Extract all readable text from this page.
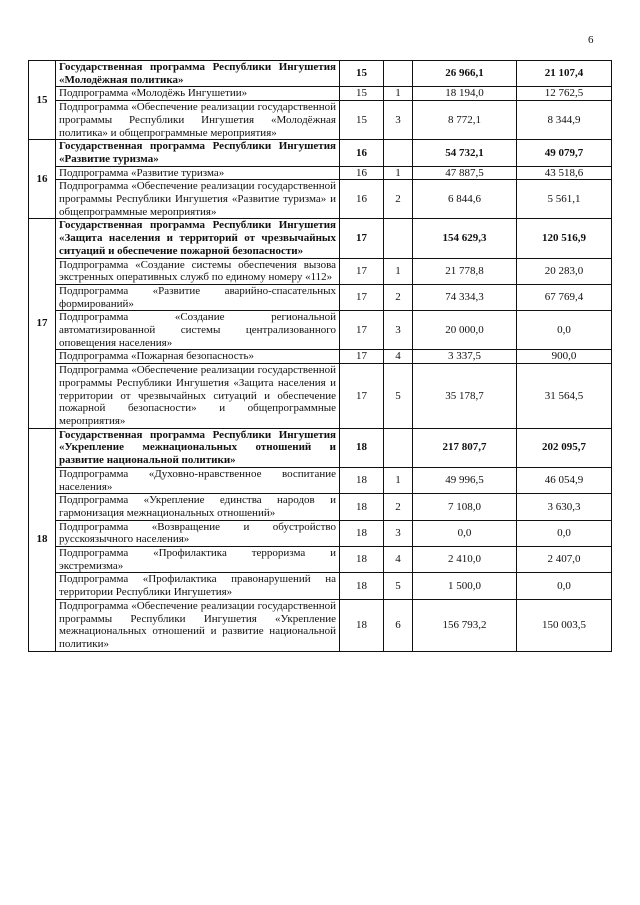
6
15	Государственная программа Республики Ингушетия «Молодёжная политика»	15		26 966,1	21 107,4
	Подпрограмма «Молодёжь Ингушетии»	15	1	18 194,0	12 762,5
	Подпрограмма «Обеспечение реализации государственной программы Республики Ингушетия «Молодёжная политика» и общепрограммные мероприятия»	15	3	8 772,1	8 344,9
16	Государственная программа Республики Ингушетия «Развитие туризма»	16		54 732,1	49 079,7
	Подпрограмма «Развитие туризма»	16	1	47 887,5	43 518,6
	Подпрограмма «Обеспечение реализации государственной программы Республики Ингушетия «Развитие туризма» и общепрограммные мероприятия»	16	2	6 844,6	5 561,1
17	Государственная программа Республики Ингушетия «Защита населения и территорий от чрезвычайных ситуаций и обеспечение пожарной безопасности»	17		154 629,3	120 516,9
	Подпрограмма «Создание системы обеспечения вызова экстренных оперативных служб по единому номеру «112»	17	1	21 778,8	20 283,0
	Подпрограмма «Развитие аварийно-спасательных формирований»	17	2	74 334,3	67 769,4
	Подпрограмма «Создание региональной автоматизированной системы централизованного оповещения населения»	17	3	20 000,0	0,0
	Подпрограмма «Пожарная безопасность»	17	4	3 337,5	900,0
	Подпрограмма «Обеспечение реализации государственной программы Республики Ингушетия «Защита населения и территории от чрезвычайных ситуаций и обеспечение пожарной безопасности» и общепрограммные мероприятия»	17	5	35 178,7	31 564,5
18	Государственная программа Республики Ингушетия «Укрепление межнациональных отношений и развитие национальной политики»	18		217 807,7	202 095,7
	Подпрограмма «Духовно-нравственное воспитание населения»	18	1	49 996,5	46 054,9
	Подпрограмма «Укрепление единства народов и гармонизация межнациональных отношений»	18	2	7 108,0	3 630,3
	Подпрограмма «Возвращение и обустройство русскоязычного населения»	18	3	0,0	0,0
	Подпрограмма «Профилактика терроризма и экстремизма»	18	4	2 410,0	2 407,0
	Подпрограмма «Профилактика правонарушений на территории Республики Ингушетия»	18	5	1 500,0	0,0
	Подпрограмма «Обеспечение реализации государственной программы Республики Ингушетия «Укрепление межнациональных отношений и развитие национальной политики»	18	6	156 793,2	150 003,5
